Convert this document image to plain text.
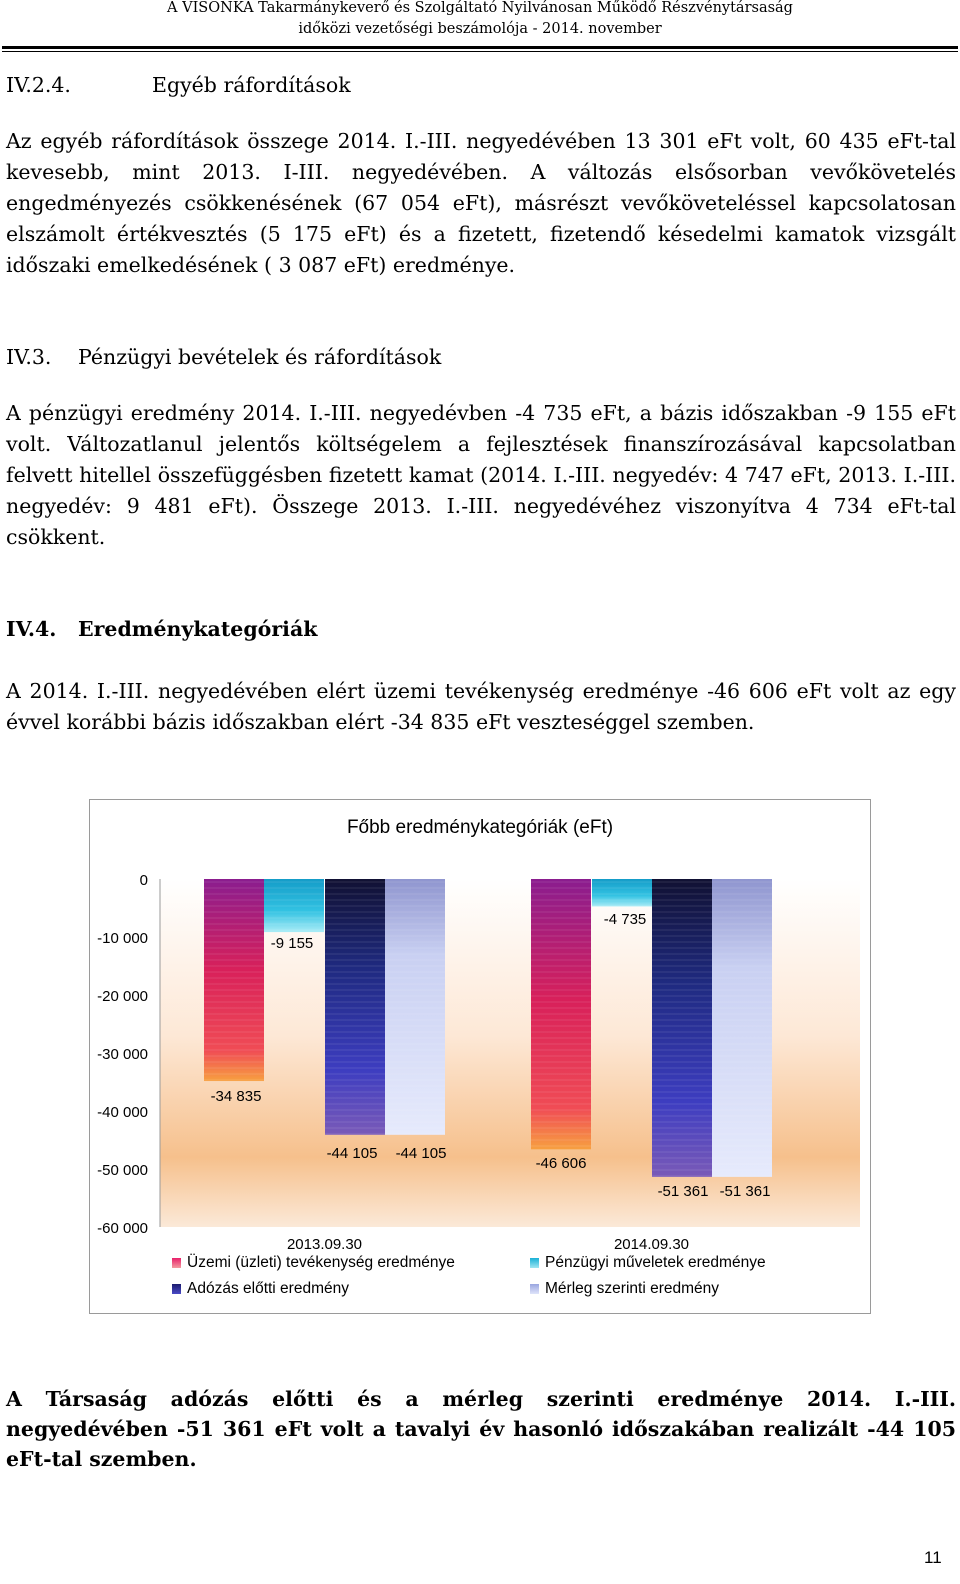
A VISONKA Takarmánykeverő és Szolgáltató Nyilvánosan Működő Részvénytársaság
időközi vezetőségi beszámolója - 2014. november
IV.2.4.	Egyéb ráfordítások

Az egyéb ráfordítások összege 2014. I.-III. negyedévében 13 301 eFt volt, 60 435 eFt-tal kevesebb, mint 2013. I-III. negyedévében. A változás elsősorban vevőkövetelés engedményezés csökkenésének (67 054 eFt), másrészt vevőköveteléssel kapcsolatosan elszámolt értékvesztés (5 175 eFt) és a fizetett, fizetendő késedelmi kamatok vizsgált időszaki emelkedésének ( 3 087 eFt) eredménye.

IV.3. Pénzügyi bevételek és ráfordítások

A pénzügyi eredmény 2014. I.-III. negyedévben -4 735 eFt, a bázis időszakban -9 155 eFt volt. Változatlanul jelentős költségelem a fejlesztések finanszírozásával kapcsolatban felvett hitellel összefüggésben fizetett kamat (2014. I.-III. negyedév: 4 747 eFt, 2013. I.-III. negyedév: 9 481 eFt). Összege 2013. I.-III. negyedévéhez viszonyítva 4 734 eFt-tal csökkent.

IV.4. Eredménykategóriák

A 2014. I.-III. negyedévében elért üzemi tevékenység eredménye -46 606 eFt volt az egy évvel korábbi bázis időszakban elért -34 835 eFt veszteséggel szemben.

Főbb eredménykategóriák (eFt)
0
-10 000
-20 000
-30 000
-40 000
-50 000
-60 000
2013.09.30	2014.09.30
-34 835
-46 606
-9 155
-4 735
-44 105
-51 361
-44 105
-51 361
Üzemi (üzleti) tevékenység eredménye	Pénzügyi műveletek eredménye
Adózás előtti eredmény	Mérleg szerinti eredmény

A Társaság adózás előtti és a mérleg szerinti eredménye 2014. I.-III. negyedévében -51 361 eFt volt a tavalyi év hasonló időszakában realizált -44 105 eFt-tal szemben.

11
